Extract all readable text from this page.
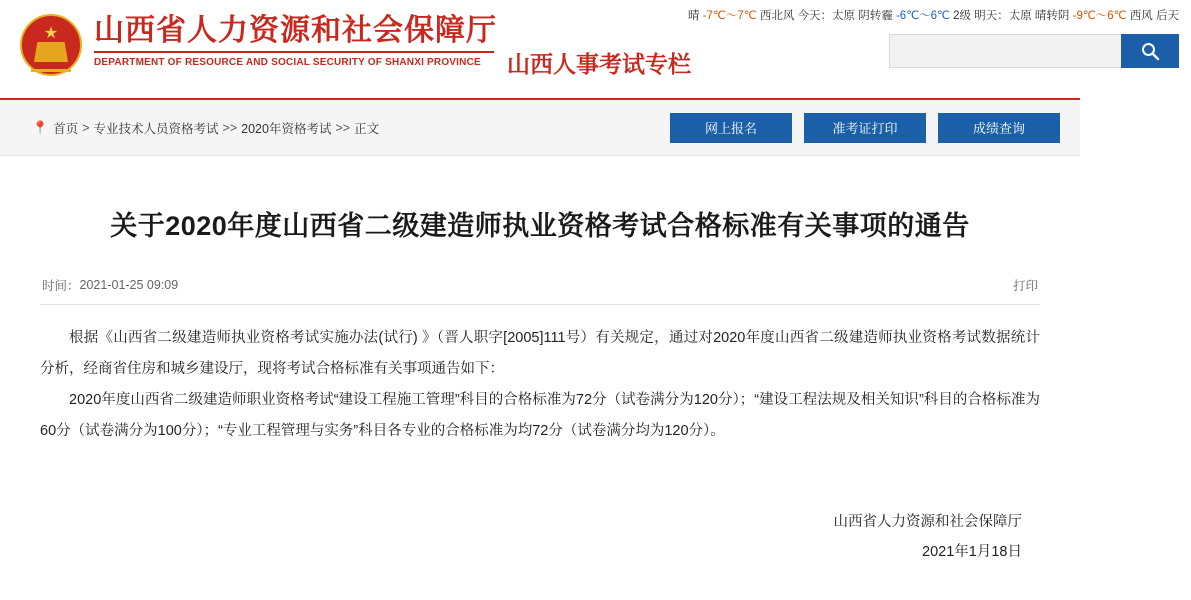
★ 山西省人力资源和社会保障厅
DEPARTMENT OF RESOURCE AND SOCIAL SECURITY OF SHANXI PROVINCE	山西人事考试专栏
晴 -7℃～7℃ 西北风 今天：太原 阴转霾 -6℃～6℃ 2级 明天：太原 晴转阴 -9℃～6℃ 西风 后天
📍 首页 > 专业技术人员资格考试 >> 2020年资格考试 >> 正文	网上报名	准考证打印	成绩查询
关于2020年度山西省二级建造师执业资格考试合格标准有关事项的通告
时间： 2021-01-25 09:09	打印

根据《山西省二级建造师执业资格考试实施办法(试行) 》（晋人职字[2005]111号）有关规定，通过对2020年度山西省二级建造师执业资格考试数据统计分析，经商省住房和城乡建设厅，现将考试合格标准有关事项通告如下：

2020年度山西省二级建造师职业资格考试“建设工程施工管理”科目的合格标准为72分（试卷满分为120分）；“建设工程法规及相关知识”科目的合格标准为60分（试卷满分为100分）；“专业工程管理与实务”科目各专业的合格标准为均72分（试卷满分均为120分）。

山西省人力资源和社会保障厅
2021年1月18日
